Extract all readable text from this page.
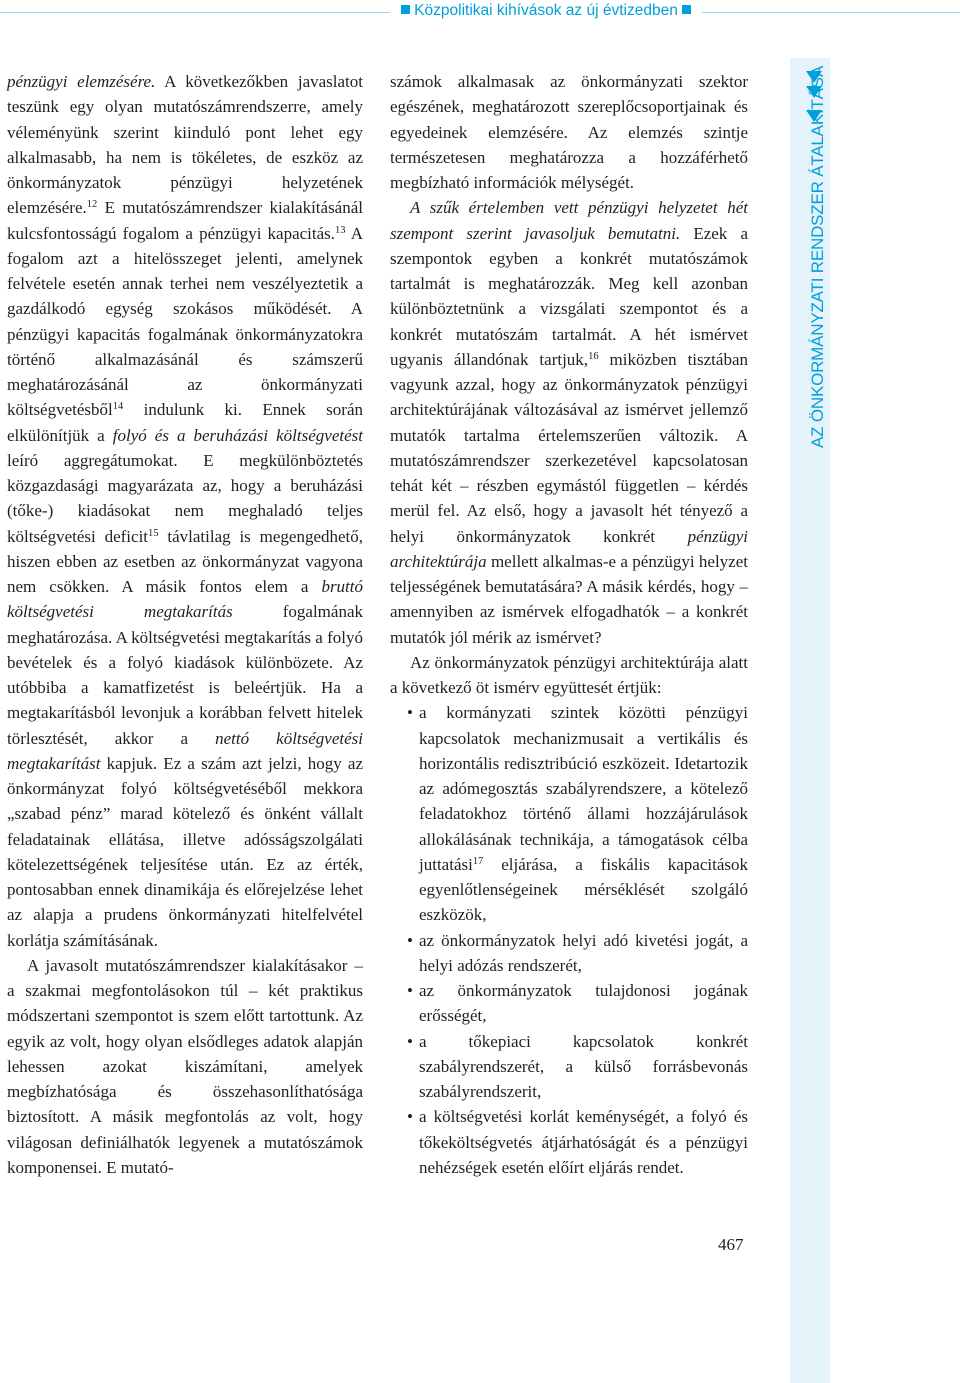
Közpolitikai kihívások az új évtizedben
AZ ÖNKORMÁNYZATI RENDSZER ÁTALAKÍTÁSA

pénzügyi elemzésére. A következőkben javaslatot teszünk egy olyan mutatószámrendszerre, amely véleményünk szerint kiinduló pont lehet egy alkalmasabb, ha nem is tökéletes, de eszköz az önkormányzatok pénzügyi helyzetének elemzésére.$^{12}$ E mutatószámrendszer kialakításánál kulcsfontosságú fogalom a pénzügyi kapacitás.$^{13}$ A fogalom azt a hitelösszeget jelenti, amelynek felvétele esetén annak terhei nem veszélyeztetik a gazdálkodó egység szokásos működését. A pénzügyi kapacitás fogalmának önkormányzatokra történő alkalmazásánál és számszerű meghatározásánál az önkormányzati költségvetésből$^{14}$ indulunk ki. Ennek során elkülönítjük a folyó és a beruházási költségvetést leíró aggregátumokat. E megkülönböztetés közgazdasági magyarázata az, hogy a beruházási (tőke-) kiadásokat nem meghaladó teljes költségvetési deficit$^{15}$ távlatilag is megengedhető, hiszen ebben az esetben az önkormányzat vagyona nem csökken. A másik fontos elem a bruttó költségvetési megtakarítás fogalmának meghatározása. A költségvetési megtakarítás a folyó bevételek és a folyó kiadások különbözete. Az utóbbiba a kamatfizetést is beleértjük. Ha a megtakarításból levonjuk a korábban felvett hitelek törlesztését, akkor a nettó költségvetési megtakarítást kapjuk. Ez a szám azt jelzi, hogy az önkormányzat folyó költségvetéséből mekkora „szabad pénz” marad kötelező és önként vállalt feladatainak ellátása, illetve adósságszolgálati kötelezettségének teljesítése után. Ez az érték, pontosabban ennek dinamikája és előrejelzése lehet az alapja a prudens önkormányzati hitelfelvétel korlátja számításának.

A javasolt mutatószámrendszer kialakításakor – a szakmai megfontolásokon túl – két praktikus módszertani szempontot is szem előtt tartottunk. Az egyik az volt, hogy olyan elsődleges adatok alapján lehessen azokat kiszámítani, amelyek megbízhatósága és összehasonlíthatósága biztosított. A másik megfontolás az volt, hogy világosan definiálhatók legyenek a mutatószámok komponensei. E mutató-

számok alkalmasak az önkormányzati szektor egészének, meghatározott szereplőcsoportjainak és egyedeinek elemzésére. Az elemzés szintje természetesen meghatározza a hozzáférhető megbízható információk mélységét.

A szűk értelemben vett pénzügyi helyzetet hét szempont szerint javasoljuk bemutatni. Ezek a szempontok egyben a konkrét mutatószámok tartalmát is meghatározzák. Meg kell azonban különböztetnünk a vizsgálati szempontot és a konkrét mutatószám tartalmát. A hét ismérvet ugyanis állandónak tartjuk,$^{16}$ miközben tisztában vagyunk azzal, hogy az önkormányzatok pénzügyi architektúrájának változásával az ismérvet jellemző mutatók tartalma értelemszerűen változik. A mutatószámrendszer szerkezetével kapcsolatosan tehát két – részben egymástól független – kérdés merül fel. Az első, hogy a javasolt hét tényező a helyi önkormányzatok konkrét pénzügyi architektúrája mellett alkalmas-e a pénzügyi helyzet teljességének bemutatására? A másik kérdés, hogy – amennyiben az ismérvek elfogadhatók – a konkrét mutatók jól mérik az ismérvet?

Az önkormányzatok pénzügyi architektúrája alatt a következő öt ismérv együttesét értjük:

• a kormányzati szintek közötti pénzügyi kapcsolatok mechanizmusait a vertikális és horizontális redisztribúció eszközeit. Idetartozik az adómegosztás szabályrendszere, a kötelező feladatokhoz történő állami hozzájárulások allokálásának technikája, a támogatások célba juttatási$^{17}$ eljárása, a fiskális kapacitások egyenlőtlenségeinek mérséklését szolgáló eszközök,
• az önkormányzatok helyi adó kivetési jogát, a helyi adózás rendszerét,
• az önkormányzatok tulajdonosi jogának erősségét,
• a tőkepiaci kapcsolatok konkrét szabályrendszerét, a külső forrásbevonás szabályrendszerit,
• a költségvetési korlát keménységét, a folyó és tőkeköltségvetés átjárhatóságát és a pénzügyi nehézségek esetén előírt eljárás rendet.
467
